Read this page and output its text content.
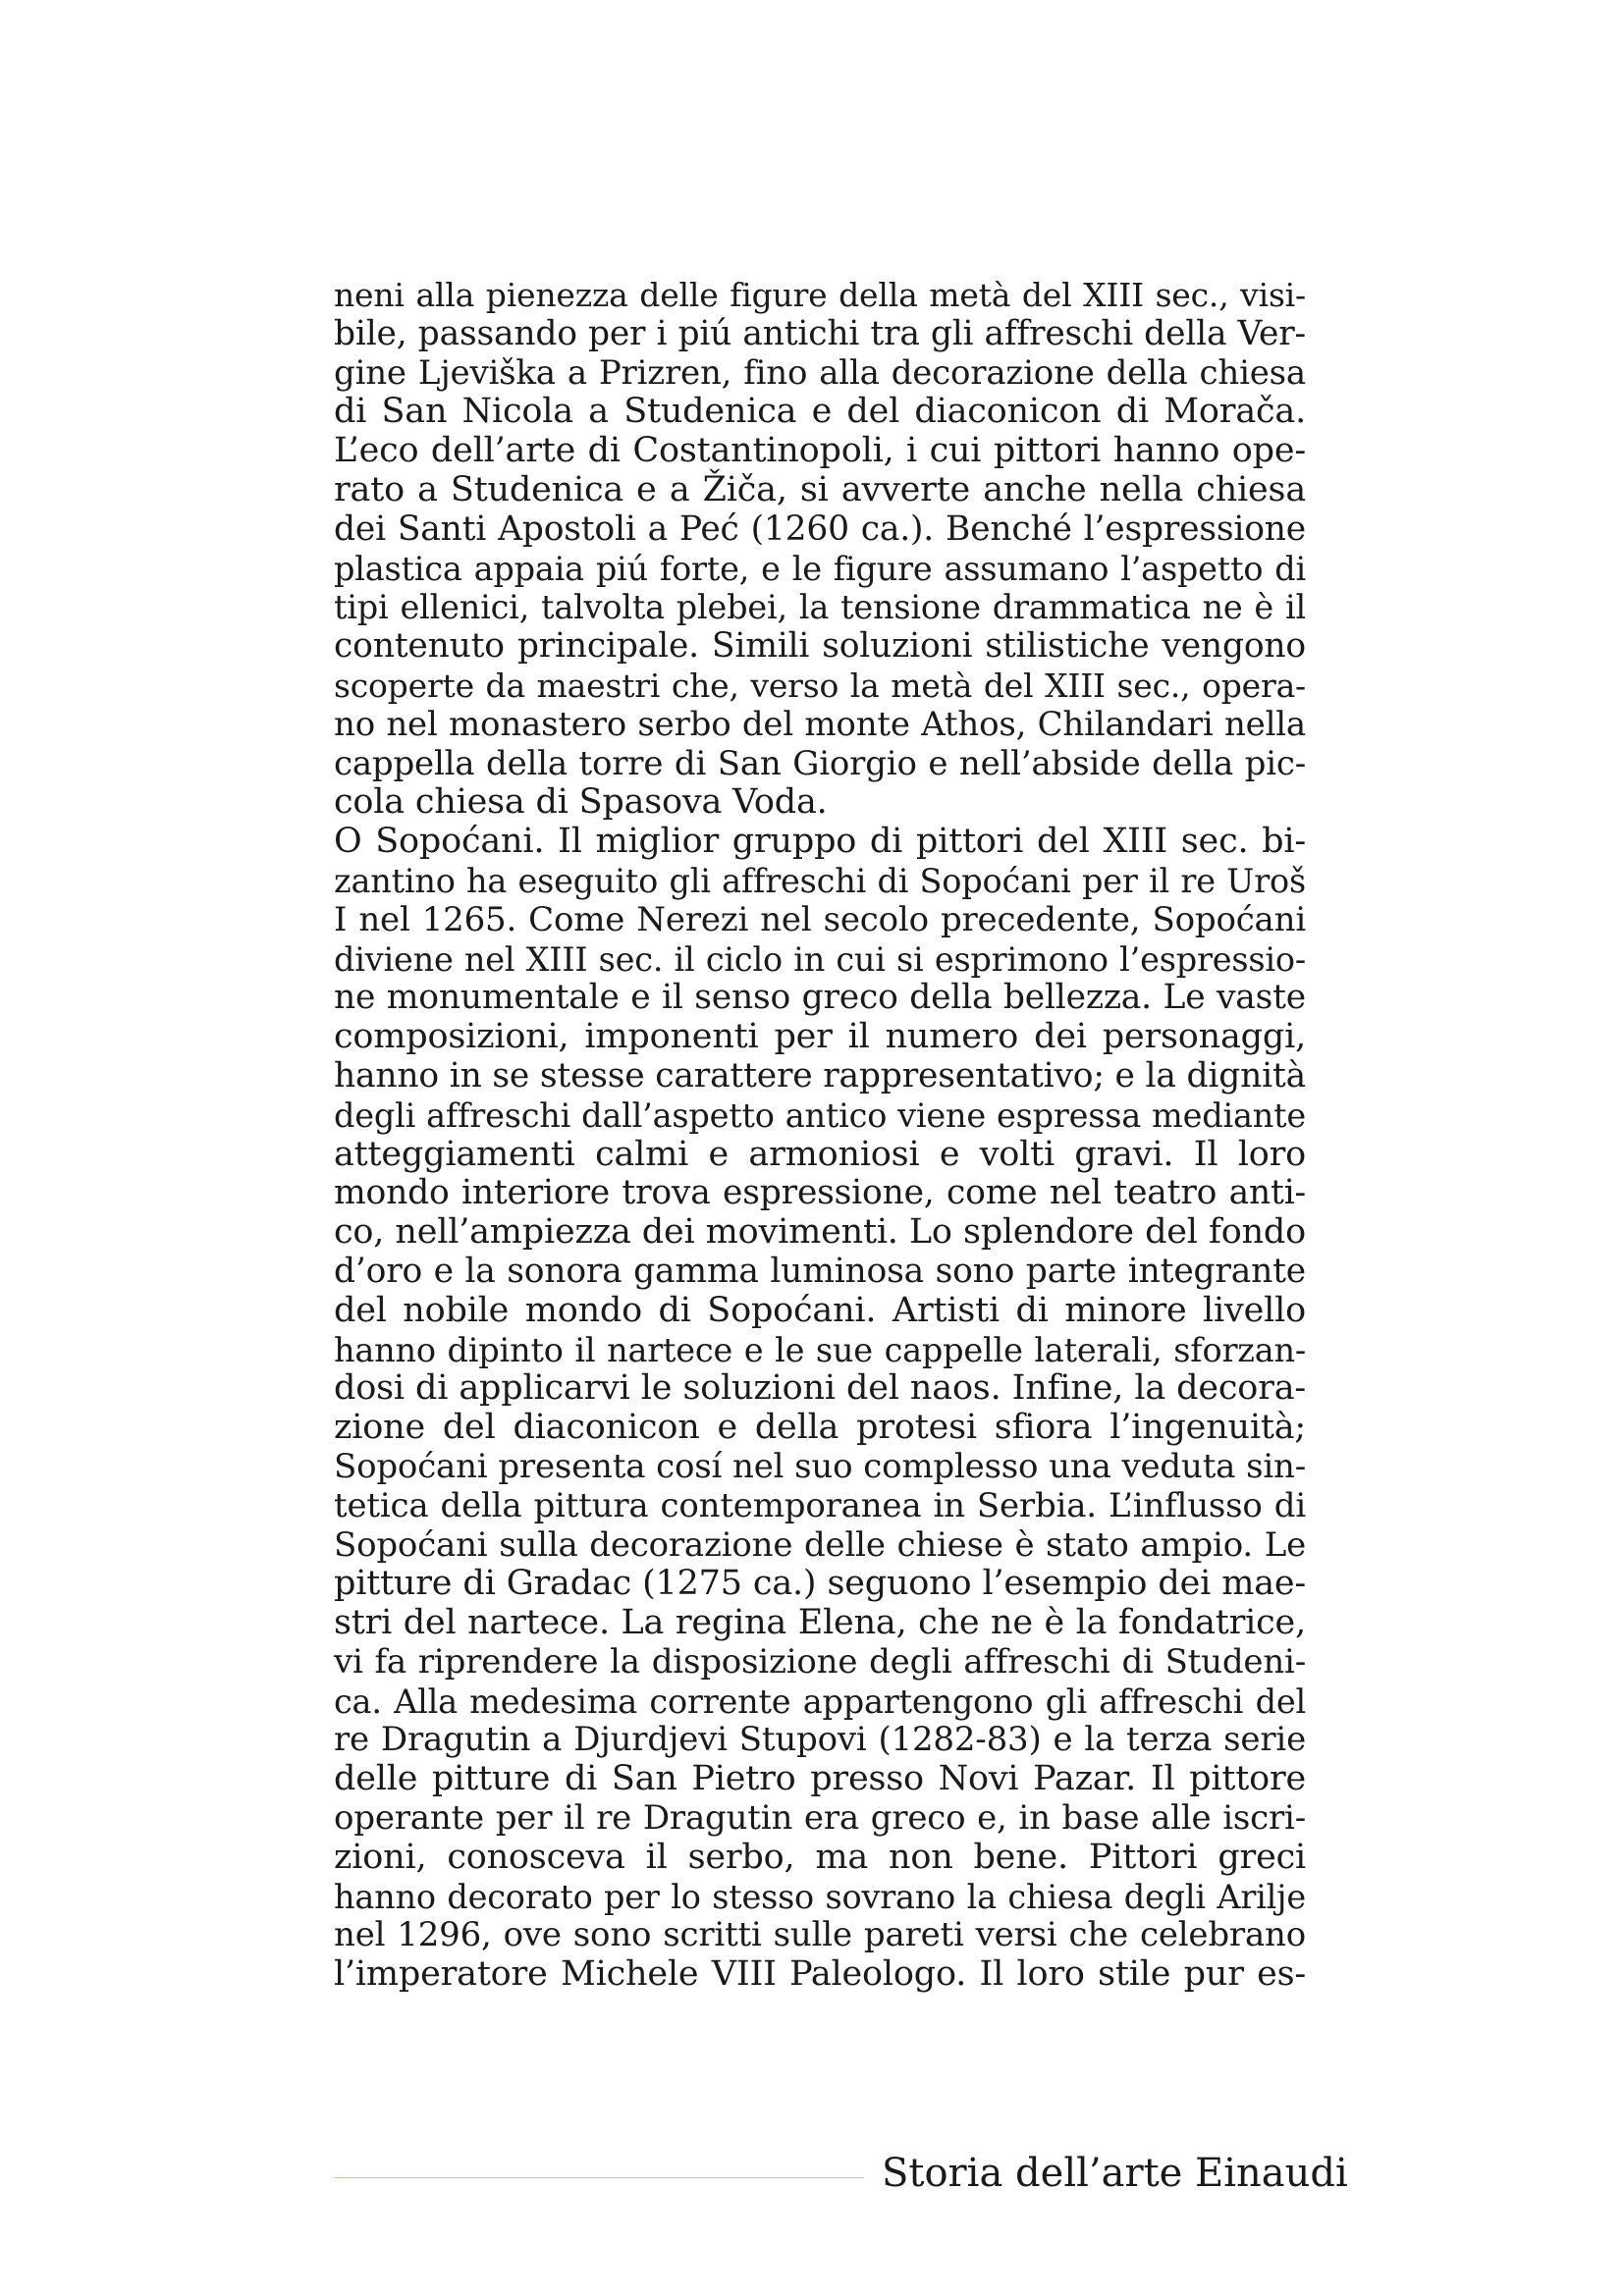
neni alla pienezza delle figure della metà del XIII sec., visi-
bile, passando per i piú antichi tra gli affreschi della Ver-
gine Ljeviška a Prizren, fino alla decorazione della chiesa
di San Nicola a Studenica e del diaconicon di Morača.
L’eco dell’arte di Costantinopoli, i cui pittori hanno ope-
rato a Studenica e a Žiča, si avverte anche nella chiesa
dei Santi Apostoli a Peć (1260 ca.). Benché l’espressione
plastica appaia piú forte, e le figure assumano l’aspetto di
tipi ellenici, talvolta plebei, la tensione drammatica ne è il
contenuto principale. Simili soluzioni stilistiche vengono
scoperte da maestri che, verso la metà del XIII sec., opera-
no nel monastero serbo del monte Athos, Chilandari nella
cappella della torre di San Giorgio e nell’abside della pic-
cola chiesa di Spasova Voda.
O Sopoćani. Il miglior gruppo di pittori del XIII sec. bi-
zantino ha eseguito gli affreschi di Sopoćani per il re Uroš
I nel 1265. Come Nerezi nel secolo precedente, Sopoćani
diviene nel XIII sec. il ciclo in cui si esprimono l’espressio-
ne monumentale e il senso greco della bellezza. Le vaste
composizioni, imponenti per il numero dei personaggi,
hanno in se stesse carattere rappresentativo; e la dignità
degli affreschi dall’aspetto antico viene espressa mediante
atteggiamenti calmi e armoniosi e volti gravi. Il loro
mondo interiore trova espressione, come nel teatro anti-
co, nell’ampiezza dei movimenti. Lo splendore del fondo
d’oro e la sonora gamma luminosa sono parte integrante
del nobile mondo di Sopoćani. Artisti di minore livello
hanno dipinto il nartece e le sue cappelle laterali, sforzan-
dosi di applicarvi le soluzioni del naos. Infine, la decora-
zione del diaconicon e della protesi sfiora l’ingenuità;
Sopoćani presenta cosí nel suo complesso una veduta sin-
tetica della pittura contemporanea in Serbia. L’influsso di
Sopoćani sulla decorazione delle chiese è stato ampio. Le
pitture di Gradac (1275 ca.) seguono l’esempio dei mae-
stri del nartece. La regina Elena, che ne è la fondatrice,
vi fa riprendere la disposizione degli affreschi di Studeni-
ca. Alla medesima corrente appartengono gli affreschi del
re Dragutin a Djurdjevi Stupovi (1282-83) e la terza serie
delle pitture di San Pietro presso Novi Pazar. Il pittore
operante per il re Dragutin era greco e, in base alle iscri-
zioni, conosceva il serbo, ma non bene. Pittori greci
hanno decorato per lo stesso sovrano la chiesa degli Arilje
nel 1296, ove sono scritti sulle pareti versi che celebrano
l’imperatore Michele VIII Paleologo. Il loro stile pur es-
Storia dell’arte Einaudi
